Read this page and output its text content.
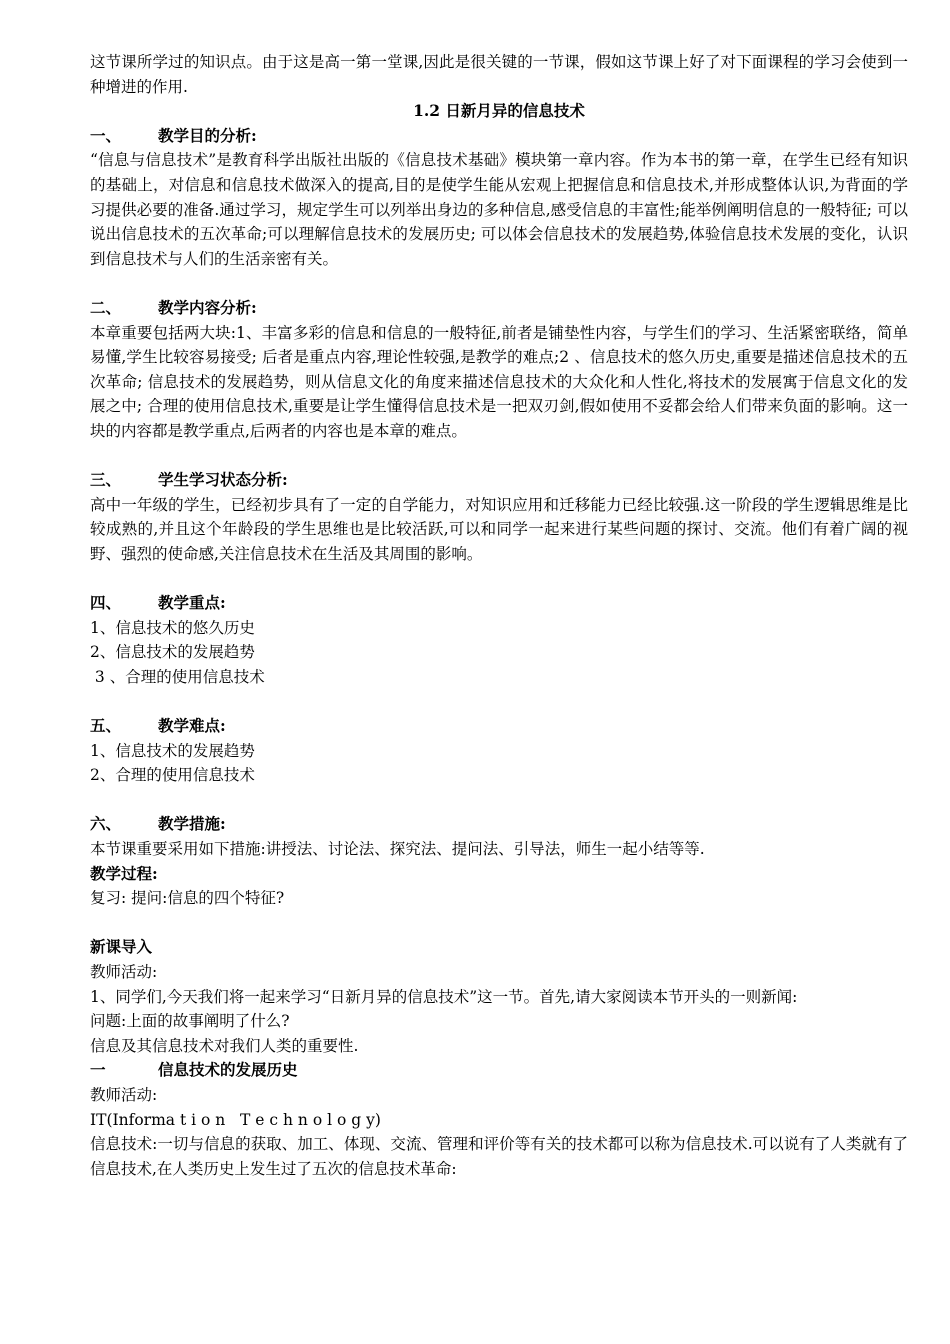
这节课所学过的知识点。由于这是高一第一堂课,因此是很关键的一节课，假如这节课上好了对下面课程的学习会使到一种增进的作用.

1.2 日新月异的信息技术

一、 教学目的分析:

“信息与信息技术”是教育科学出版社出版的《信息技术基础》模块第一章内容。作为本书的第一章，在学生已经有知识的基础上，对信息和信息技术做深入的提高,目的是使学生能从宏观上把握信息和信息技术,并形成整体认识,为背面的学习提供必要的准备.通过学习，规定学生可以列举出身边的多种信息,感受信息的丰富性;能举例阐明信息的一般特征; 可以说出信息技术的五次革命;可以理解信息技术的发展历史; 可以体会信息技术的发展趋势,体验信息技术发展的变化，认识到信息技术与人们的生活亲密有关。

二、 教学内容分析:

本章重要包括两大块:1、丰富多彩的信息和信息的一般特征,前者是铺垫性内容，与学生们的学习、生活紧密联络，简单易懂,学生比较容易接受; 后者是重点内容,理论性较强,是教学的难点;2 、信息技术的悠久历史,重要是描述信息技术的五次革命; 信息技术的发展趋势，则从信息文化的角度来描述信息技术的大众化和人性化,将技术的发展寓于信息文化的发展之中; 合理的使用信息技术,重要是让学生懂得信息技术是一把双刃剑,假如使用不妥都会给人们带来负面的影响。这一块的内容都是教学重点,后两者的内容也是本章的难点。

三、 学生学习状态分析:

高中一年级的学生，已经初步具有了一定的自学能力，对知识应用和迁移能力已经比较强.这一阶段的学生逻辑思维是比较成熟的,并且这个年龄段的学生思维也是比较活跃,可以和同学一起来进行某些问题的探讨、交流。他们有着广阔的视野、强烈的使命感,关注信息技术在生活及其周围的影响。

四、 教学重点:

1、信息技术的悠久历史

2、信息技术的发展趋势

3 、合理的使用信息技术

五、 教学难点:

1、信息技术的发展趋势

2、合理的使用信息技术

六、 教学措施:

本节课重要采用如下措施:讲授法、讨论法、探究法、提问法、引导法，师生一起小结等等.

教学过程:

复习: 提问:信息的四个特征?

新课导入

教师活动:

1、同学们,今天我们将一起来学习“日新月异的信息技术”这一节。首先,请大家阅读本节开头的一则新闻:

问题:上面的故事阐明了什么?

信息及其信息技术对我们人类的重要性.

一	信息技术的发展历史

教师活动:

IT(Informa t i o n   T e c h n o l o g y)

信息技术:一切与信息的获取、加工、体现、交流、管理和评价等有关的技术都可以称为信息技术.可以说有了人类就有了信息技术,在人类历史上发生过了五次的信息技术革命:
